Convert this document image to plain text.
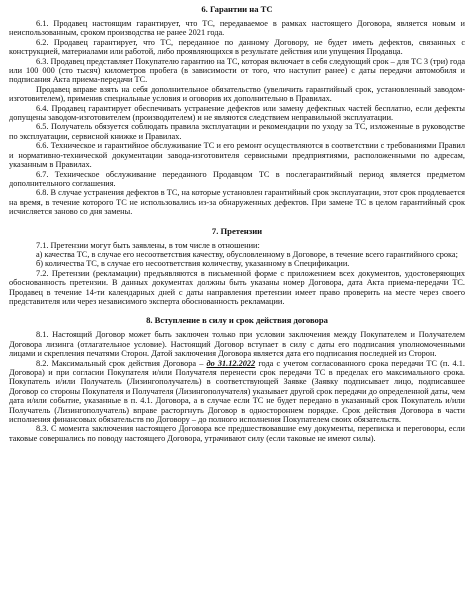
6. Гарантии на ТС

6.1. Продавец настоящим гарантирует, что ТС, передаваемое в рамках настоящего Договора, является новым и неиспользованным, сроком производства не ранее 2021 года.

6.2. Продавец гарантирует, что ТС, переданное по данному Договору, не будет иметь дефектов, связанных с конструкцией, материалами или работой, либо проявляющихся в результате действия или упущения Продавца.

6.3. Продавец представляет Покупателю гарантию на ТС, которая включает в себя следующий срок – для ТС 3 (три) года или 100 000 (сто тысяч) километров пробега (в зависимости от того, что наступит ранее) с даты передачи автомобиля и подписания Акта приема-передачи ТС.

Продавец вправе взять на себя дополнительное обязательство (увеличить гарантийный срок, установленный заводом-изготовителем), применив специальные условия и оговорив их дополнительно в Правилах.

6.4. Продавец гарантирует обеспечивать устранение дефектов или замену дефектных частей бесплатно, если дефекты допущены заводом-изготовителем (производителем) и не являются следствием неправильной эксплуатации.

6.5. Получатель обязуется соблюдать правила эксплуатации и рекомендации по уходу за ТС, изложенные в руководстве по эксплуатации, сервисной книжке и Правилах.

6.6. Техническое и гарантийное обслуживание ТС и его ремонт осуществляются в соответствии с требованиями Правил и нормативно-технической документации завода-изготовителя сервисными предприятиями, расположенными по адресам, указанным в Правилах.

6.7. Техническое обслуживание переданного Продавцом ТС в послегарантийный период является предметом дополнительного соглашения.

6.8. В случае устранения дефектов в ТС, на которые установлен гарантийный срок эксплуатации, этот срок продлевается на время, в течение которого ТС не использовались из-за обнаруженных дефектов. При замене ТС в целом гарантийный срок исчисляется заново со дня замены.

7. Претензии

7.1. Претензии могут быть заявлены, в том числе в отношении:

а) качества ТС, в случае его несоответствия качеству, обусловленному в Договоре, в течение всего гарантийного срока;

б) количества ТС, в случае его несоответствия количеству, указанному в Спецификации.

7.2. Претензии (рекламации) предъявляются в письменной форме с приложением всех документов, удостоверяющих обоснованность претензии. В данных документах должны быть указаны номер Договора, дата Акта приема-передачи ТС. Продавец в течение 14-ти календарных дней с даты направления претензии имеет право проверить на месте через своего представителя или через независимого эксперта обоснованность рекламации.

8. Вступление в силу и срок действия договора

8.1. Настоящий Договор может быть заключен только при условии заключения между Покупателем и Получателем Договора лизинга (отлагательное условие). Настоящий Договор вступает в силу с даты его подписания уполномоченными лицами и скрепления печатями Сторон. Датой заключения Договора является дата его подписания последней из Сторон.

8.2. Максимальный срок действия Договора – до 31.12.2022 года с учетом согласованного срока передачи ТС (п. 4.1. Договора) и при согласии Покупателя и/или Получателя перенести срок передачи ТС в пределах его максимального срока. Покупатель и/или Получатель (Лизингополучатель) в соответствующей Заявке (Заявку подписывает лицо, подписавшее Договор со стороны Покупателя и Получателя (Лизингополучателя) указывает другой срок передачи до определенной даты, чем дата и/или событие, указанные в п. 4.1. Договора, а в случае если ТС не будет передано в указанный срок Покупатель и/или Получатель (Лизингополучатель) вправе расторгнуть Договор в одностороннем порядке. Срок действия Договора в части исполнения финансовых обязательств по Договору – до полного исполнения Покупателем своих обязательств.

8.3. С момента заключения настоящего Договора все предшествовавшие ему документы, переписка и переговоры, если таковые совершались по поводу настоящего Договора, утрачивают силу (если таковые не имеют силы).
